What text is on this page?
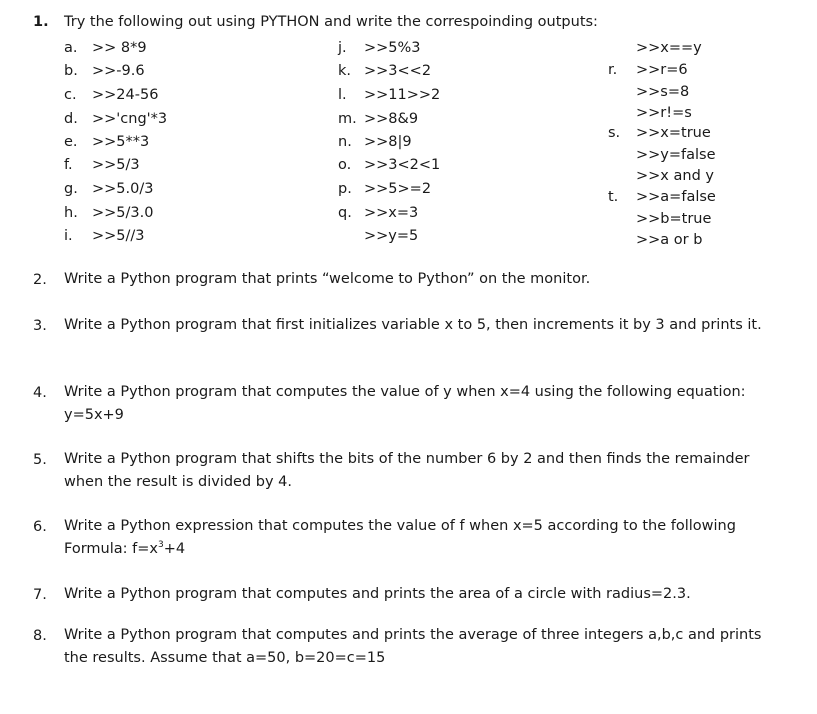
1. Try the following out using PYTHON and write the correspoinding outputs:
a. >> 8*9
b. >>-9.6
c. >>24-56
d. >>'cng'*3
e. >>5**3
f. >>5/3
g. >>5.0/3
h. >>5/3.0
i. >>5//3
j. >>5%3
k. >>3<<2
l. >>11>>2
m. >>8&9
n. >>8|9
o. >>3<2<1
p. >>5>=2
q. >>x=3
>>y=5
>>x==y
r. >>r=6
>>s=8
>>r!=s
s. >>x=true
>>y=false
>>x and y
t. >>a=false
>>b=true
>>a or b
2. Write a Python program that prints “welcome to Python” on the monitor.
3. Write a Python program that first initializes variable x to 5, then increments it by 3 and prints it.
4. Write a Python program that computes the value of y when x=4 using the following equation: y=5x+9
5. Write a Python program that shifts the bits of the number 6 by 2 and then finds the remainder when the result is divided by 4.
6. Write a Python expression that computes the value of f when x=5 according to the following Formula: $f=x^3+4$
7. Write a Python program that computes and prints the area of a circle with radius=2.3.
8. Write a Python program that computes and prints the average of three integers a,b,c and prints the results. Assume that a=50, b=20=c=15
